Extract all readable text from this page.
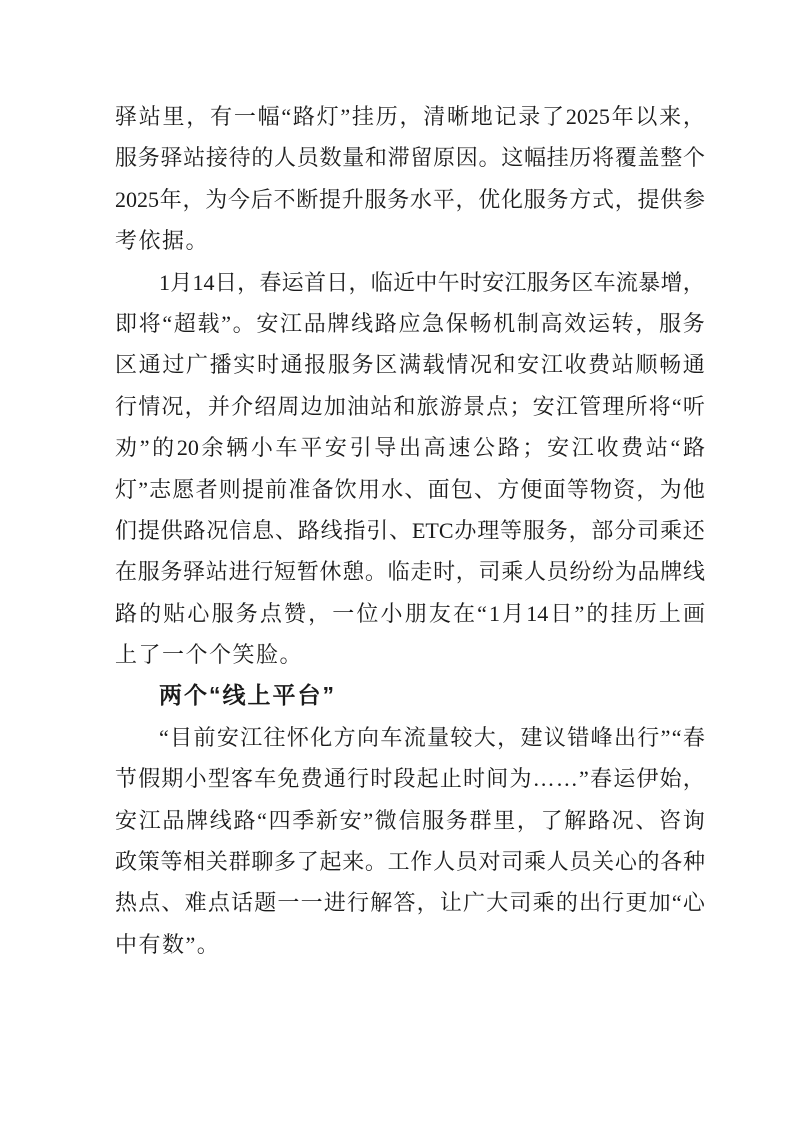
驿 站 里 ， 有 一 幅 “ 路 灯 ” 挂 历 ， 清 晰 地 记 录 了 2025 年 以 来 ，
服 务 驿 站 接 待 的 人 员 数 量 和 滞 留 原 因 。 这 幅 挂 历 将 覆 盖 整 个
2025 年 ， 为 今 后 不 断 提 升 服 务 水 平 ， 优 化 服 务 方 式 ， 提 供 参
考依据。
1 月 14 日 ， 春 运 首 日 ， 临 近 中 午 时 安 江 服 务 区 车 流 暴 增 ，
即 将 “ 超 载 ” 。 安 江 品 牌 线 路 应 急 保 畅 机 制 高 效 运 转 ， 服 务
区 通 过 广 播 实 时 通 报 服 务 区 满 载 情 况 和 安 江 收 费 站 顺 畅 通
行 情 况 ， 并 介 绍 周 边 加 油 站 和 旅 游 景 点 ； 安 江 管 理 所 将 “ 听
劝 ” 的 20 余 辆 小 车 平 安 引 导 出 高 速 公 路 ； 安 江 收 费 站 “ 路
灯 ” 志 愿 者 则 提 前 准 备 饮 用 水 、 面 包 、 方 便 面 等 物 资 ， 为 他
们 提 供 路 况 信 息 、 路 线 指 引 、 ETC 办 理 等 服 务 ， 部 分 司 乘 还
在 服 务 驿 站 进 行 短 暂 休 憩 。 临 走 时 ， 司 乘 人 员 纷 纷 为 品 牌 线
路 的 贴 心 服 务 点 赞 ， 一 位 小 朋 友 在 “ 1 月 14 日 ” 的 挂 历 上 画
上了一个个笑脸。
两个“线上平台”
“ 目 前 安 江 往 怀 化 方 向 车 流 量 较 大 ， 建 议 错 峰 出 行 ” “ 春
节 假 期 小 型 客 车 免 费 通 行 时 段 起 止 时 间 为 … … ” 春 运 伊 始 ，
安 江 品 牌 线 路 “ 四 季 新 安 ” 微 信 服 务 群 里 ， 了 解 路 况 、 咨 询
政 策 等 相 关 群 聊 多 了 起 来 。 工 作 人 员 对 司 乘 人 员 关 心 的 各 种
热 点 、 难 点 话 题 一 一 进 行 解 答 ， 让 广 大 司 乘 的 出 行 更 加 “ 心
中有数”。
